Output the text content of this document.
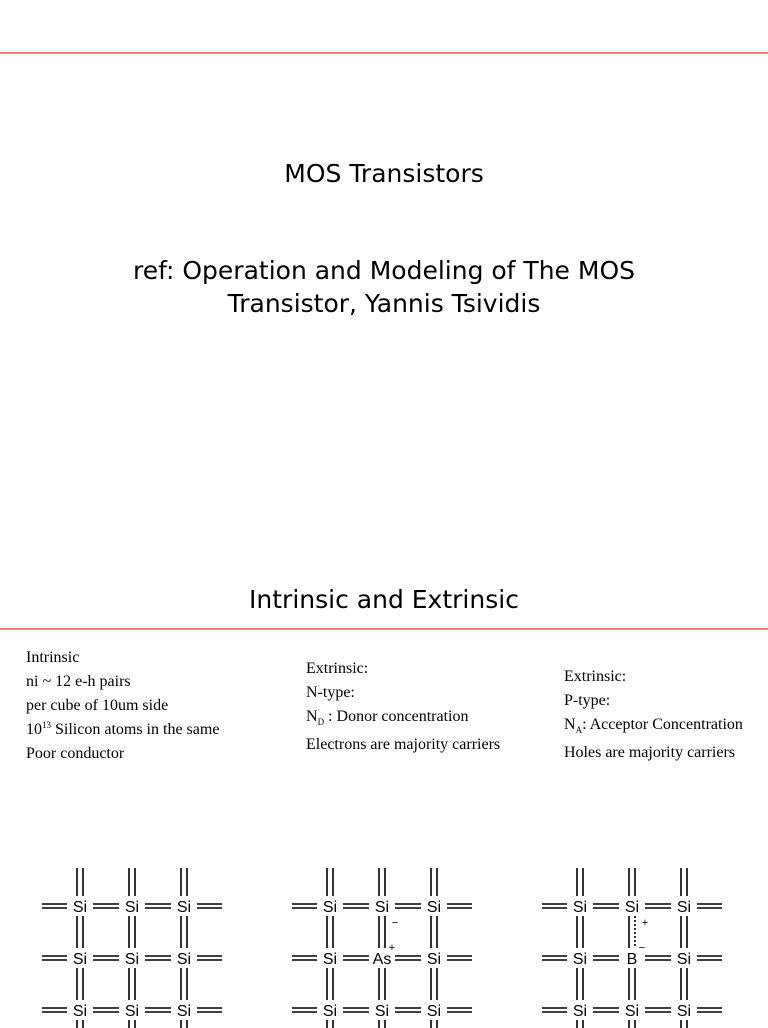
MOS Transistors
ref: Operation and Modeling of The MOS
Transistor, Yannis Tsividis
Intrinsic and Extrinsic
Intrinsic
ni ~ 12 e-h pairs
per cube of 10um side
$10^{13}$ Silicon atoms in the same
Poor conductor
Extrinsic:
N-type:
$N_D$ : Donor concentration
Electrons are majority carriers
Extrinsic:
P-type:
$N_A$: Acceptor Concentration
Holes are majority carriers
Si Si Si
Si Si Si
Si Si Si
Si Si Si
Si As Si
Si Si Si
−
+
Si Si Si
Si B Si
Si Si Si
+
−
